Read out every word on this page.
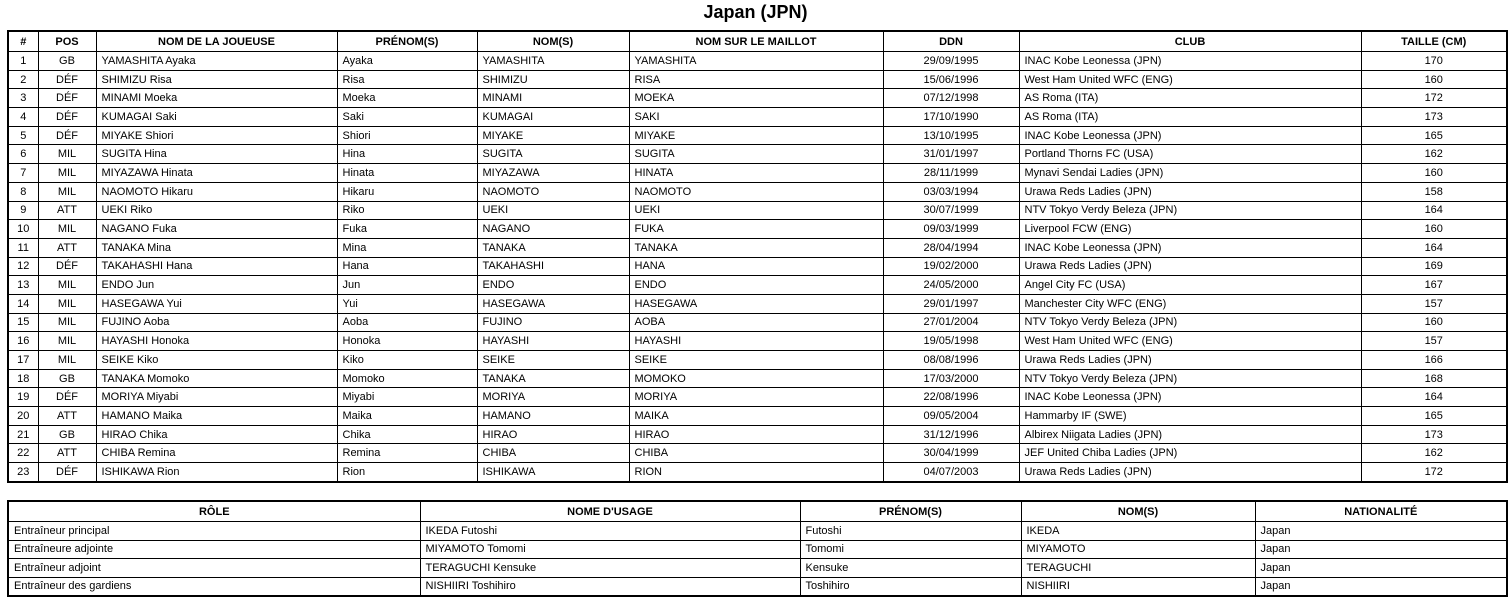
Japan (JPN)
#	POS	NOM DE LA JOUEUSE	PRÉNOM(S)	NOM(S)	NOM SUR LE MAILLOT	DDN	CLUB	TAILLE (CM)
1	GB	YAMASHITA Ayaka	Ayaka	YAMASHITA	YAMASHITA	29/09/1995	INAC Kobe Leonessa (JPN)	170
2	DÉF	SHIMIZU Risa	Risa	SHIMIZU	RISA	15/06/1996	West Ham United WFC (ENG)	160
3	DÉF	MINAMI Moeka	Moeka	MINAMI	MOEKA	07/12/1998	AS Roma (ITA)	172
4	DÉF	KUMAGAI Saki	Saki	KUMAGAI	SAKI	17/10/1990	AS Roma (ITA)	173
5	DÉF	MIYAKE Shiori	Shiori	MIYAKE	MIYAKE	13/10/1995	INAC Kobe Leonessa (JPN)	165
6	MIL	SUGITA Hina	Hina	SUGITA	SUGITA	31/01/1997	Portland Thorns FC (USA)	162
7	MIL	MIYAZAWA Hinata	Hinata	MIYAZAWA	HINATA	28/11/1999	Mynavi Sendai Ladies (JPN)	160
8	MIL	NAOMOTO Hikaru	Hikaru	NAOMOTO	NAOMOTO	03/03/1994	Urawa Reds Ladies (JPN)	158
9	ATT	UEKI Riko	Riko	UEKI	UEKI	30/07/1999	NTV Tokyo Verdy Beleza (JPN)	164
10	MIL	NAGANO Fuka	Fuka	NAGANO	FUKA	09/03/1999	Liverpool FCW (ENG)	160
11	ATT	TANAKA Mina	Mina	TANAKA	TANAKA	28/04/1994	INAC Kobe Leonessa (JPN)	164
12	DÉF	TAKAHASHI Hana	Hana	TAKAHASHI	HANA	19/02/2000	Urawa Reds Ladies (JPN)	169
13	MIL	ENDO Jun	Jun	ENDO	ENDO	24/05/2000	Angel City FC (USA)	167
14	MIL	HASEGAWA Yui	Yui	HASEGAWA	HASEGAWA	29/01/1997	Manchester City WFC (ENG)	157
15	MIL	FUJINO Aoba	Aoba	FUJINO	AOBA	27/01/2004	NTV Tokyo Verdy Beleza (JPN)	160
16	MIL	HAYASHI Honoka	Honoka	HAYASHI	HAYASHI	19/05/1998	West Ham United WFC (ENG)	157
17	MIL	SEIKE Kiko	Kiko	SEIKE	SEIKE	08/08/1996	Urawa Reds Ladies (JPN)	166
18	GB	TANAKA Momoko	Momoko	TANAKA	MOMOKO	17/03/2000	NTV Tokyo Verdy Beleza (JPN)	168
19	DÉF	MORIYA Miyabi	Miyabi	MORIYA	MORIYA	22/08/1996	INAC Kobe Leonessa (JPN)	164
20	ATT	HAMANO Maika	Maika	HAMANO	MAIKA	09/05/2004	Hammarby IF (SWE)	165
21	GB	HIRAO Chika	Chika	HIRAO	HIRAO	31/12/1996	Albirex Niigata Ladies (JPN)	173
22	ATT	CHIBA Remina	Remina	CHIBA	CHIBA	30/04/1999	JEF United Chiba Ladies (JPN)	162
23	DÉF	ISHIKAWA Rion	Rion	ISHIKAWA	RION	04/07/2003	Urawa Reds Ladies (JPN)	172
RÔLE	NOME D'USAGE	PRÉNOM(S)	NOM(S)	NATIONALITÉ
Entraîneur principal	IKEDA Futoshi	Futoshi	IKEDA	Japan
Entraîneure adjointe	MIYAMOTO Tomomi	Tomomi	MIYAMOTO	Japan
Entraîneur adjoint	TERAGUCHI Kensuke	Kensuke	TERAGUCHI	Japan
Entraîneur des gardiens	NISHIIRI Toshihiro	Toshihiro	NISHIIRI	Japan
